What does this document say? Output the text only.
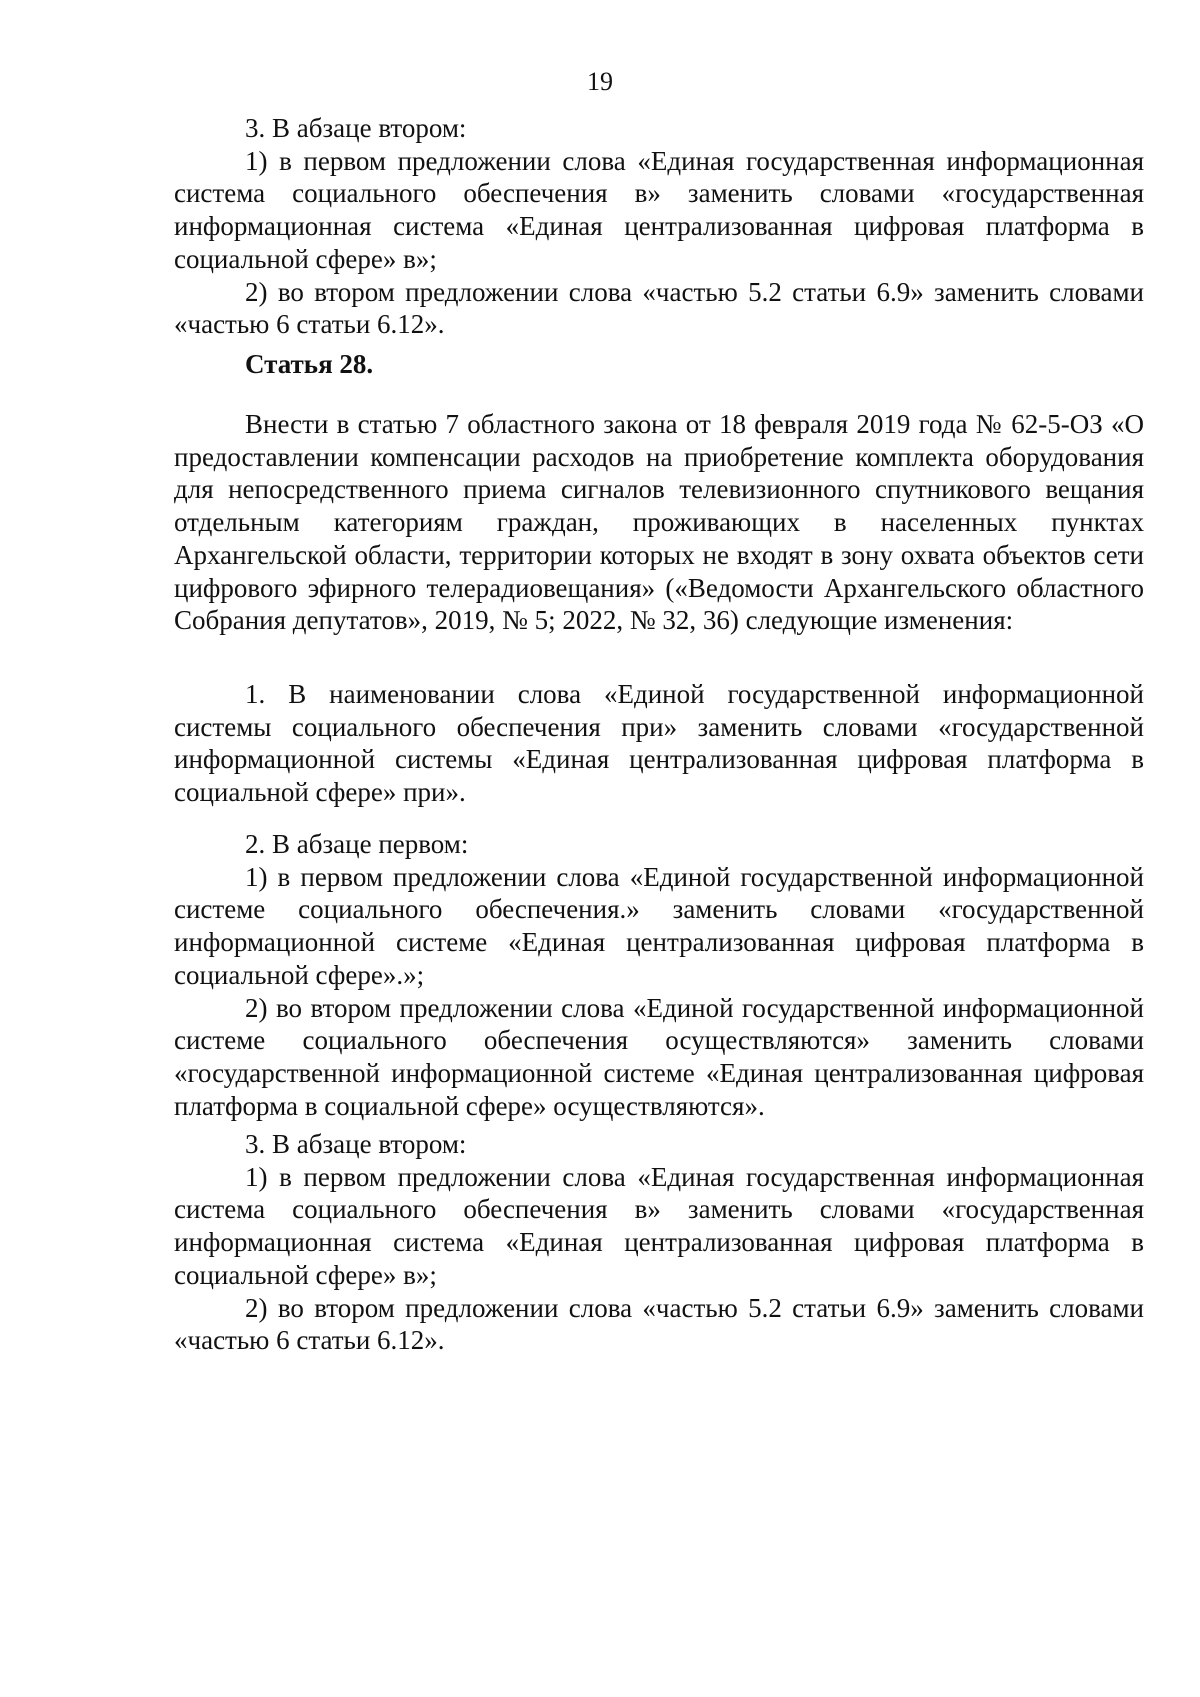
19

3. В абзаце втором:

1) в первом предложении слова «Единая государственная информационная система социального обеспечения в» заменить словами «государственная информационная система «Единая централизованная цифровая платформа в социальной сфере» в»;

2) во втором предложении слова «частью 5.2 статьи 6.9» заменить словами «частью 6 статьи 6.12».

Статья 28.

Внести в статью 7 областного закона от 18 февраля 2019 года № 62-5-ОЗ «О предоставлении компенсации расходов на приобретение комплекта оборудования для непосредственного приема сигналов телевизионного спутникового вещания отдельным категориям граждан, проживающих в населенных пунктах Архангельской области, территории которых не входят в зону охвата объектов сети цифрового эфирного телерадиовещания» («Ведомости Архангельского областного Собрания депутатов», 2019, № 5; 2022, № 32, 36) следующие изменения:

1. В наименовании слова «Единой государственной информационной системы социального обеспечения при» заменить словами «государственной информационной системы «Единая централизованная цифровая платформа в социальной сфере» при».

2. В абзаце первом:

1) в первом предложении слова «Единой государственной информационной системе социального обеспечения.» заменить словами «государственной информационной системе «Единая централизованная цифровая платформа в социальной сфере».»;

2) во втором предложении слова «Единой государственной информационной системе социального обеспечения осуществляются» заменить словами «государственной информационной системе «Единая централизованная цифровая платформа в социальной сфере» осуществляются».

3. В абзаце втором:

1) в первом предложении слова «Единая государственная информационная система социального обеспечения в» заменить словами «государственная информационная система «Единая централизованная цифровая платформа в социальной сфере» в»;

2) во втором предложении слова «частью 5.2 статьи 6.9» заменить словами «частью 6 статьи 6.12».
